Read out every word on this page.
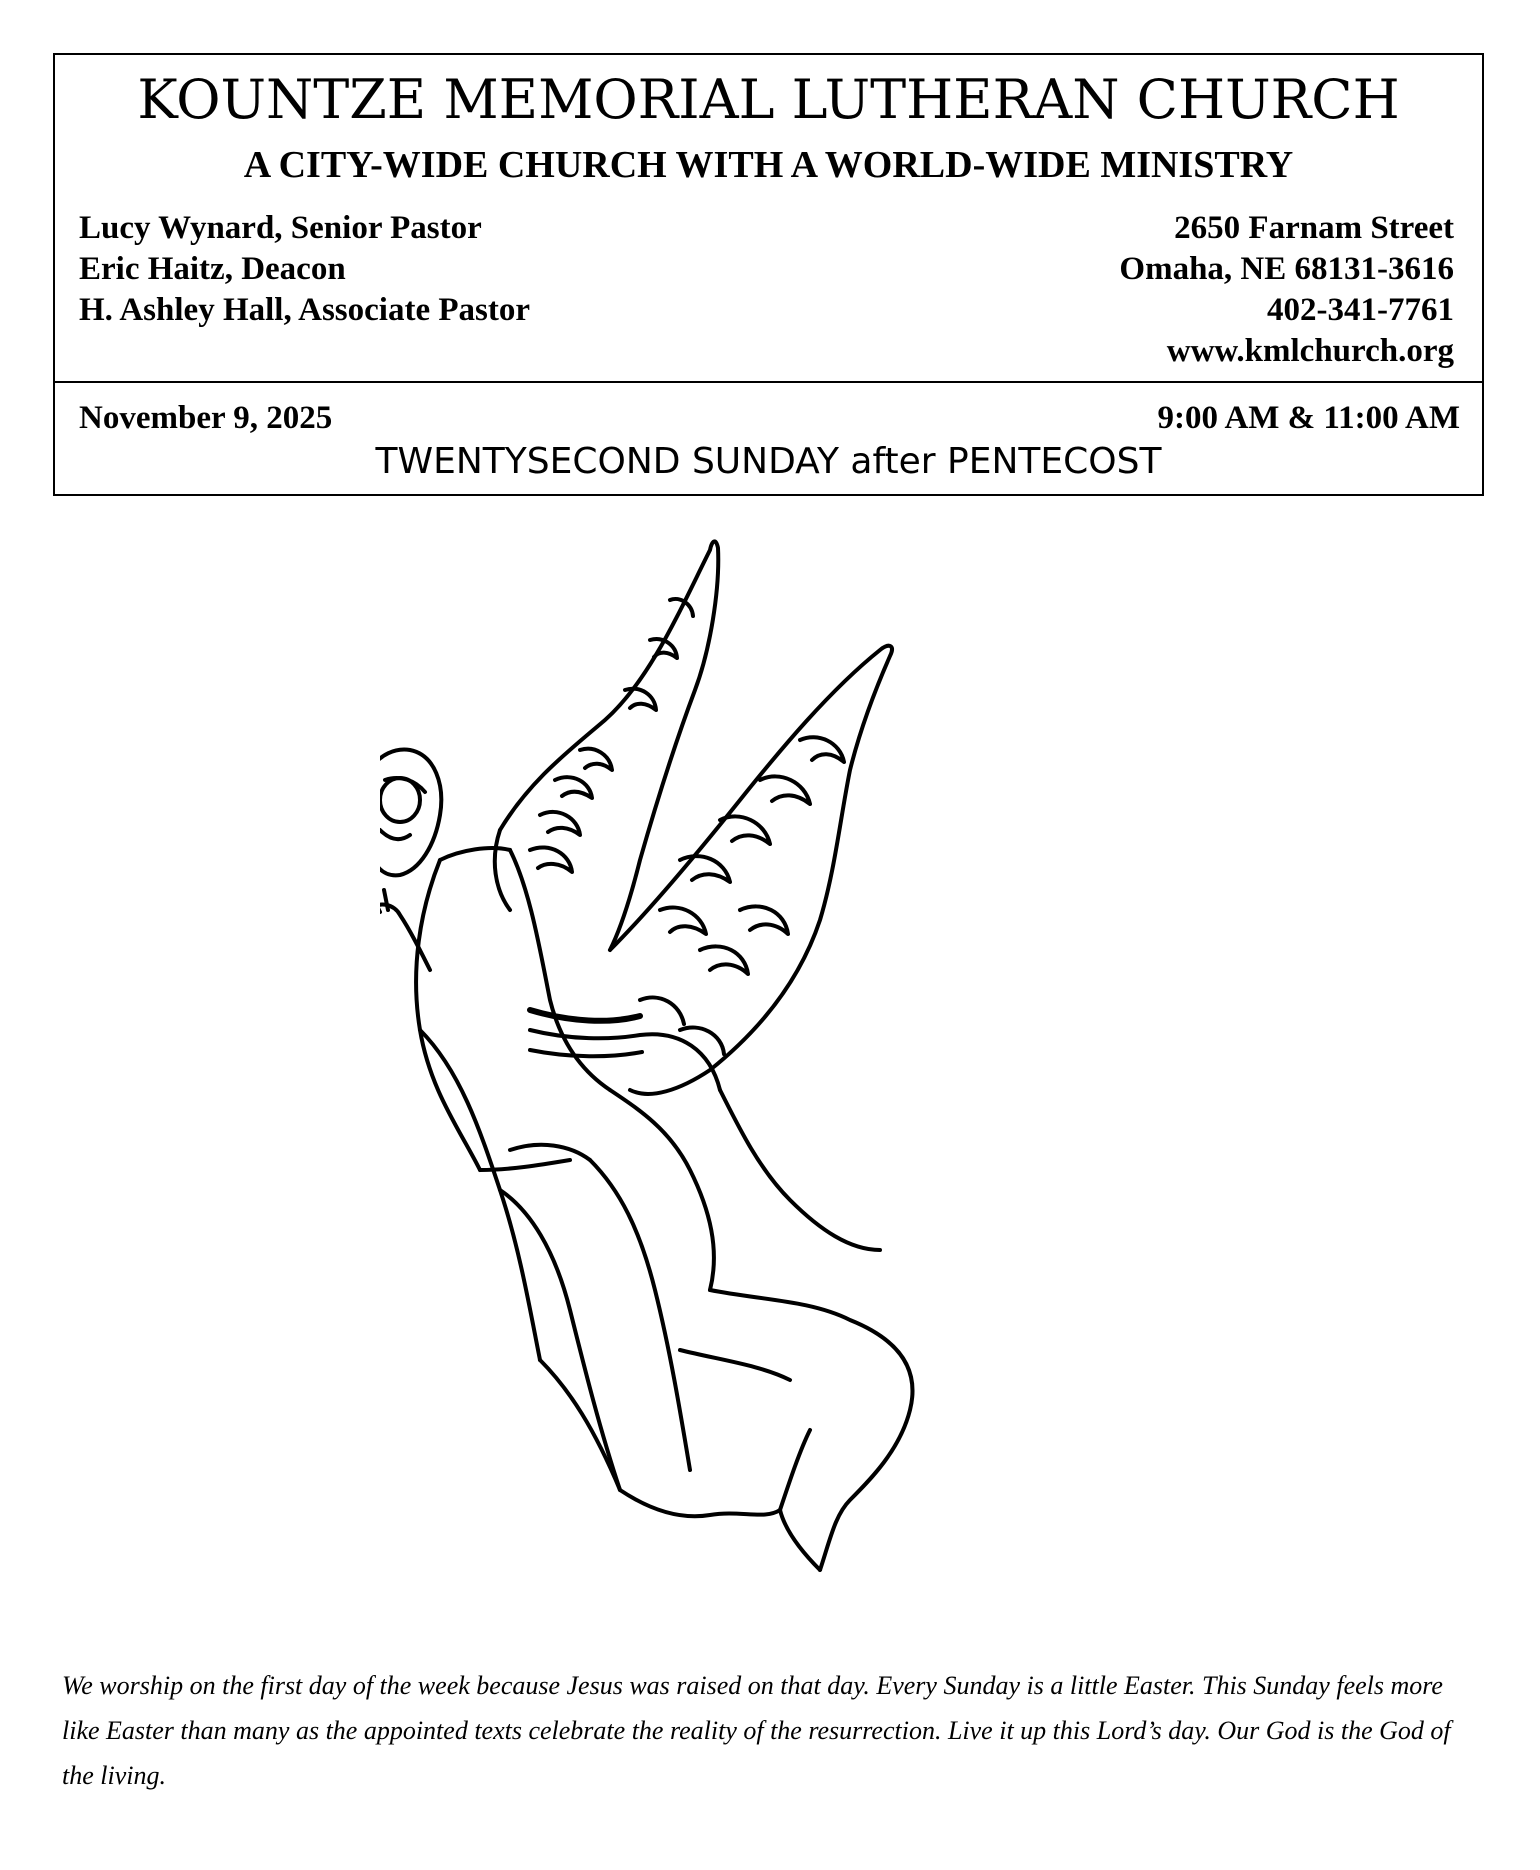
KOUNTZE MEMORIAL LUTHERAN CHURCH
A CITY-WIDE CHURCH WITH A WORLD-WIDE MINISTRY
Lucy Wynard, Senior Pastor
Eric Haitz, Deacon
H. Ashley Hall, Associate Pastor
2650 Farnam Street
Omaha, NE 68131-3616
402-341-7761
www.kmlchurch.org
November 9, 2025	9:00 AM & 11:00 AM
TWENTYSECOND SUNDAY after PENTECOST
We worship on the first day of the week because Jesus was raised on that day. Every Sunday is a little Easter. This Sunday feels more like Easter than many as the appointed texts celebrate the reality of the resurrection. Live it up this Lord’s day. Our God is the God of the living.
